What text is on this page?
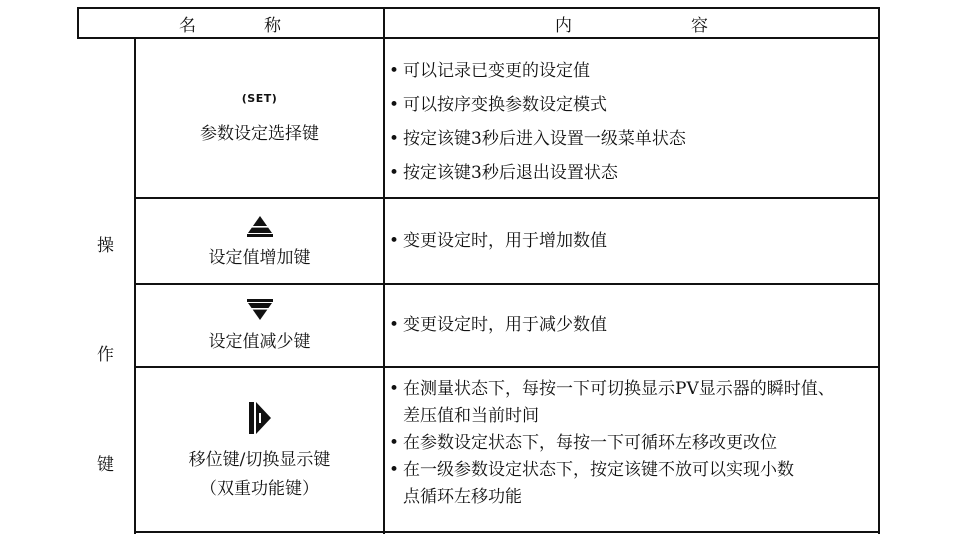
名　　　　称	内　　　　　　　容
操
作
键
(SET)
参数设定选择键
• 可以记录已变更的设定值
• 可以按序变换参数设定模式
• 按定该键3秒后进入设置一级菜单状态
• 按定该键3秒后退出设置状态
设定值增加键
• 变更设定时，用于增加数值
设定值减少键
• 变更设定时，用于减少数值
移位键/切换显示键
（双重功能键）
• 在测量状态下，每按一下可切换显示PV显示器的瞬时值、
差压值和当前时间
• 在参数设定状态下，每按一下可循环左移改更改位
• 在一级参数设定状态下，按定该键不放可以实现小数
点循环左移功能
